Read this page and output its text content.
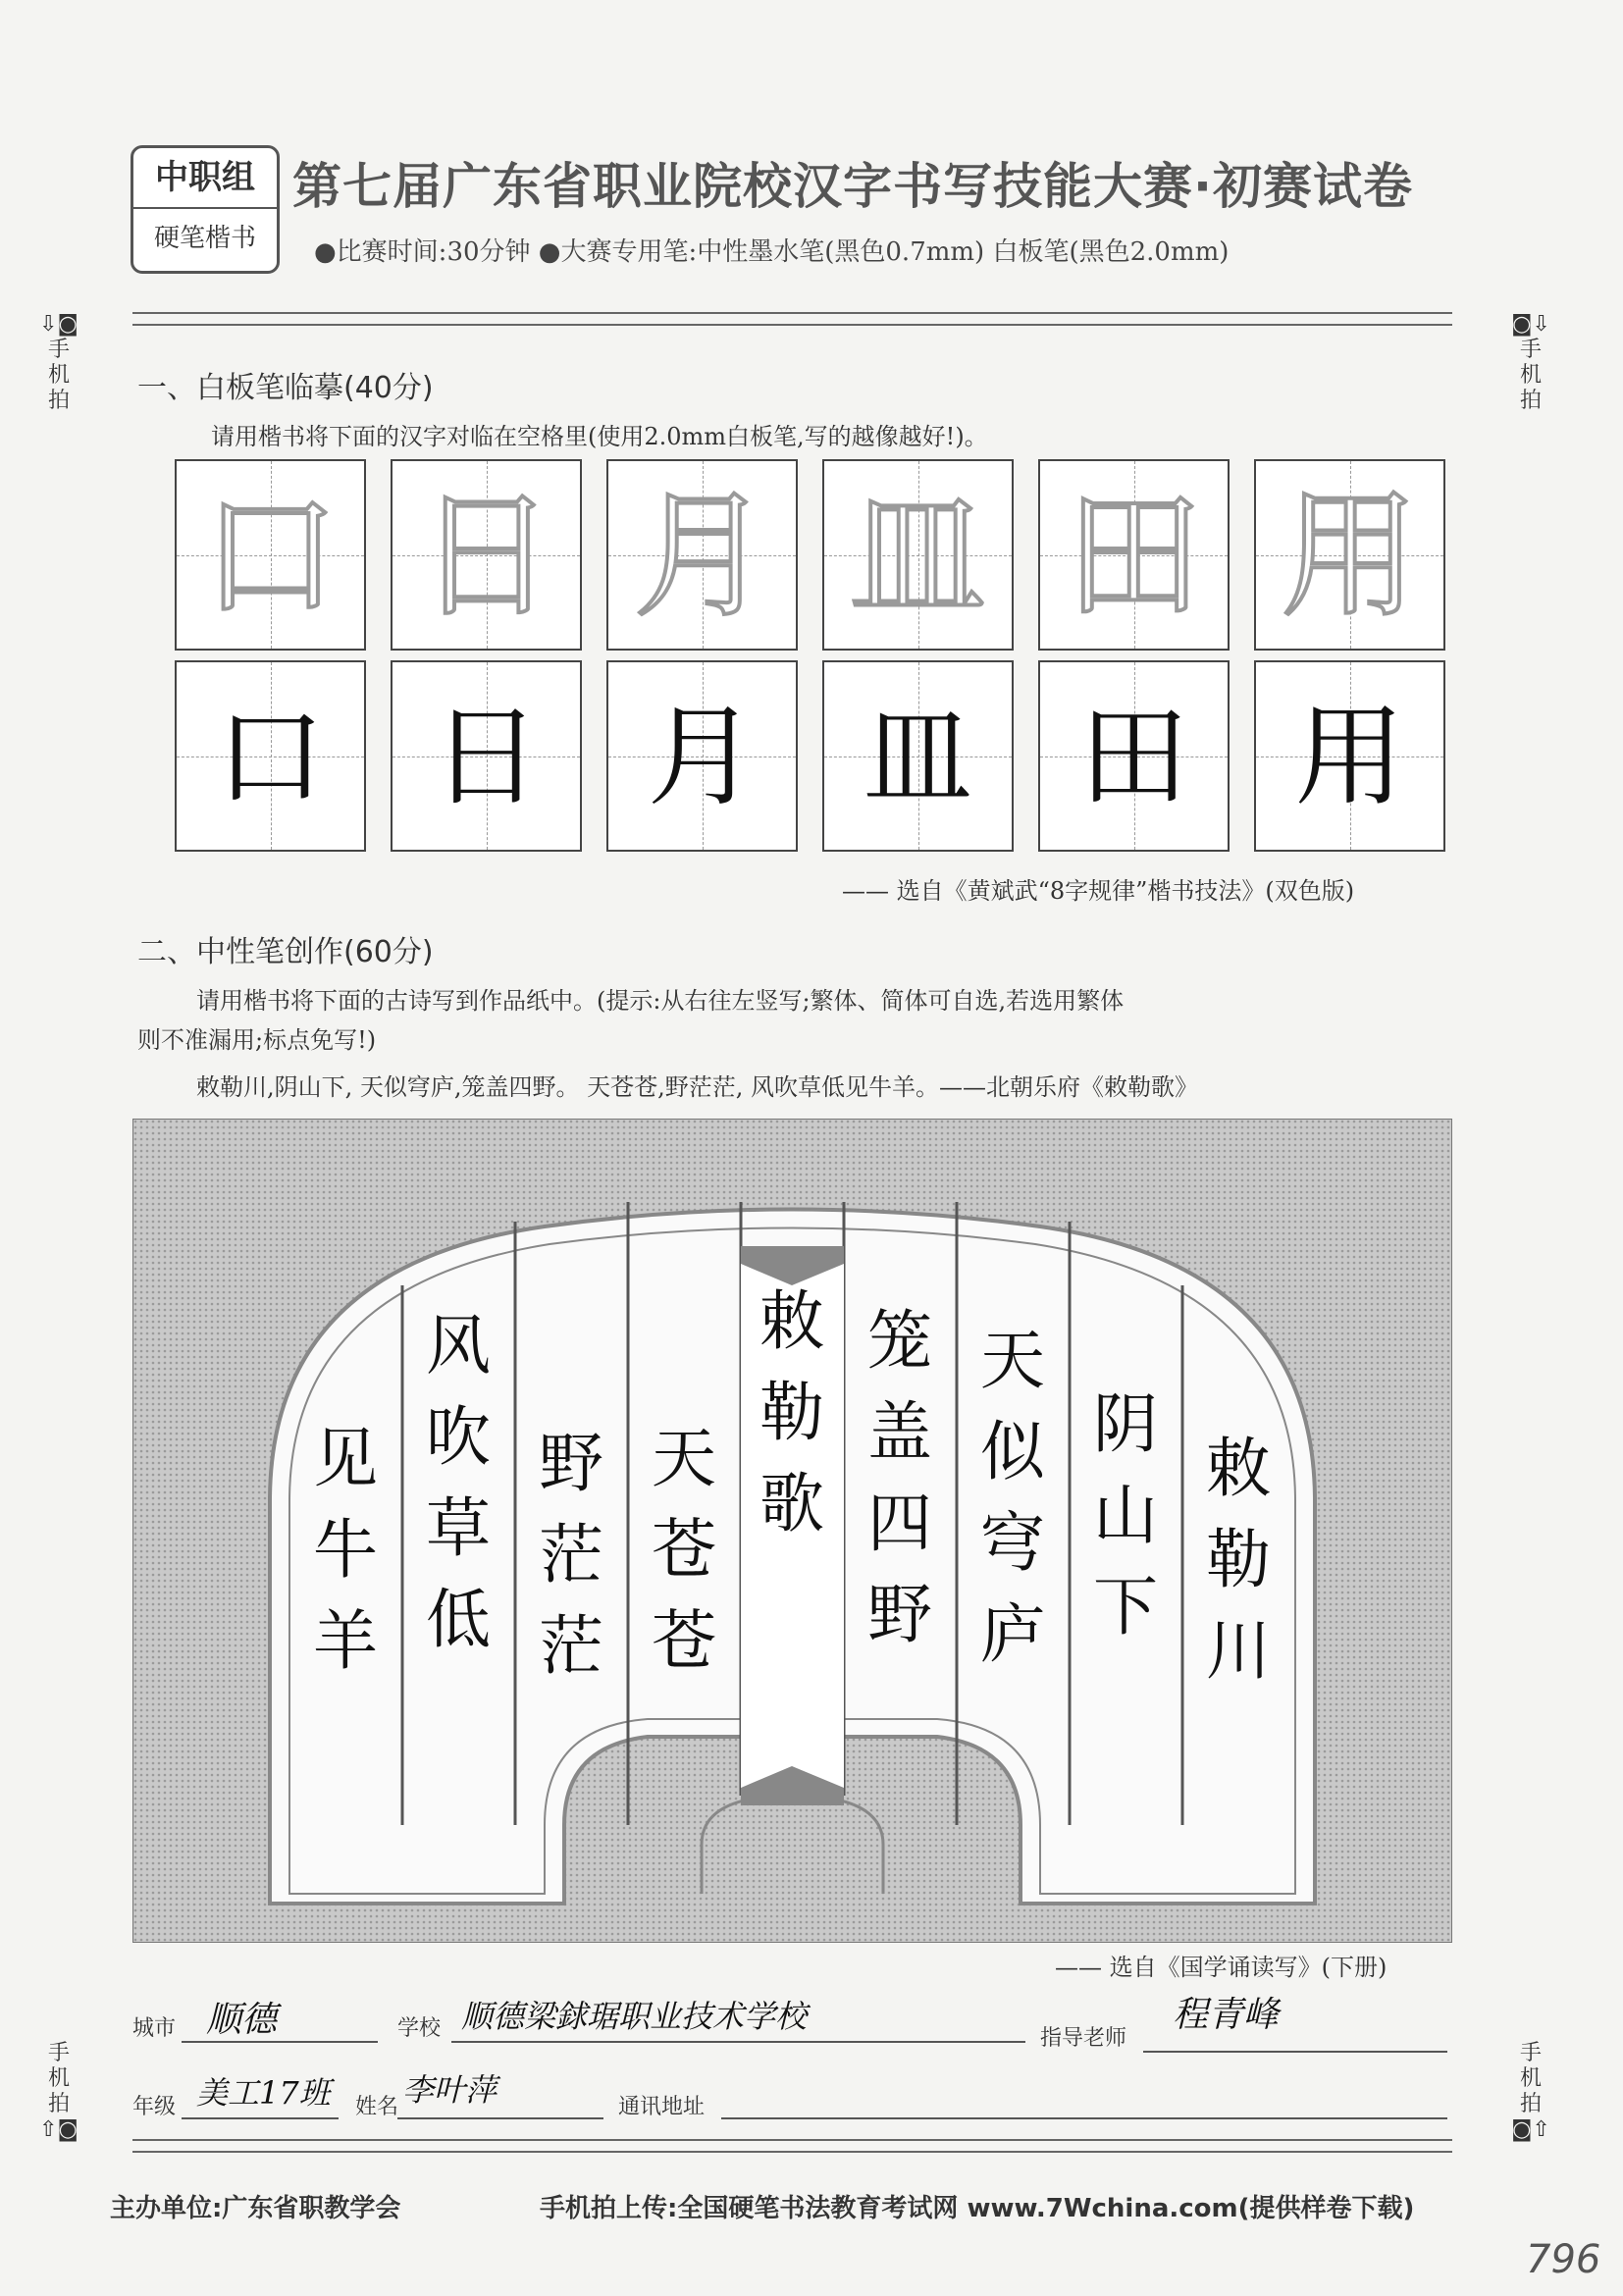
中职组
硬笔楷书
第七届广东省职业院校汉字书写技能大赛·初赛试卷
●比赛时间:30分钟 ●大赛专用笔:中性墨水笔(黑色0.7mm) 白板笔(黑色2.0mm)
⇩◙
手机拍
◙⇩
手机拍
一、白板笔临摹(40分)
请用楷书将下面的汉字对临在空格里(使用2.0mm白板笔,写的越像越好!)。
口 日 月 皿 田 用
口 日 月 皿 田 用
—— 选自《黄斌武“8字规律”楷书技法》(双色版)
二、中性笔创作(60分)
请用楷书将下面的古诗写到作品纸中。(提示:从右往左竖写;繁体、简体可自选,若选用繁体
则不准漏用;标点免写!)
敕勒川,阴山下, 天似穹庐,笼盖四野。 天苍苍,野茫茫, 风吹草低见牛羊。——北朝乐府《敕勒歌》
敕勒川
阴山下
天似穹庐
笼盖四野
敕勒歌
天苍苍
野茫茫
风吹草低
见牛羊
—— 选自《国学诵读写》(下册)
城市 顺德	学校 顺德梁銶琚职业技术学校
指导老师
程青峰
年级 美工17班 姓名 李叶萍	通讯地址
手机拍
⇧◙
手机拍
◙⇧
主办单位:广东省职教学会	手机拍上传:全国硬笔书法教育考试网 www.7Wchina.com(提供样卷下载)
796
